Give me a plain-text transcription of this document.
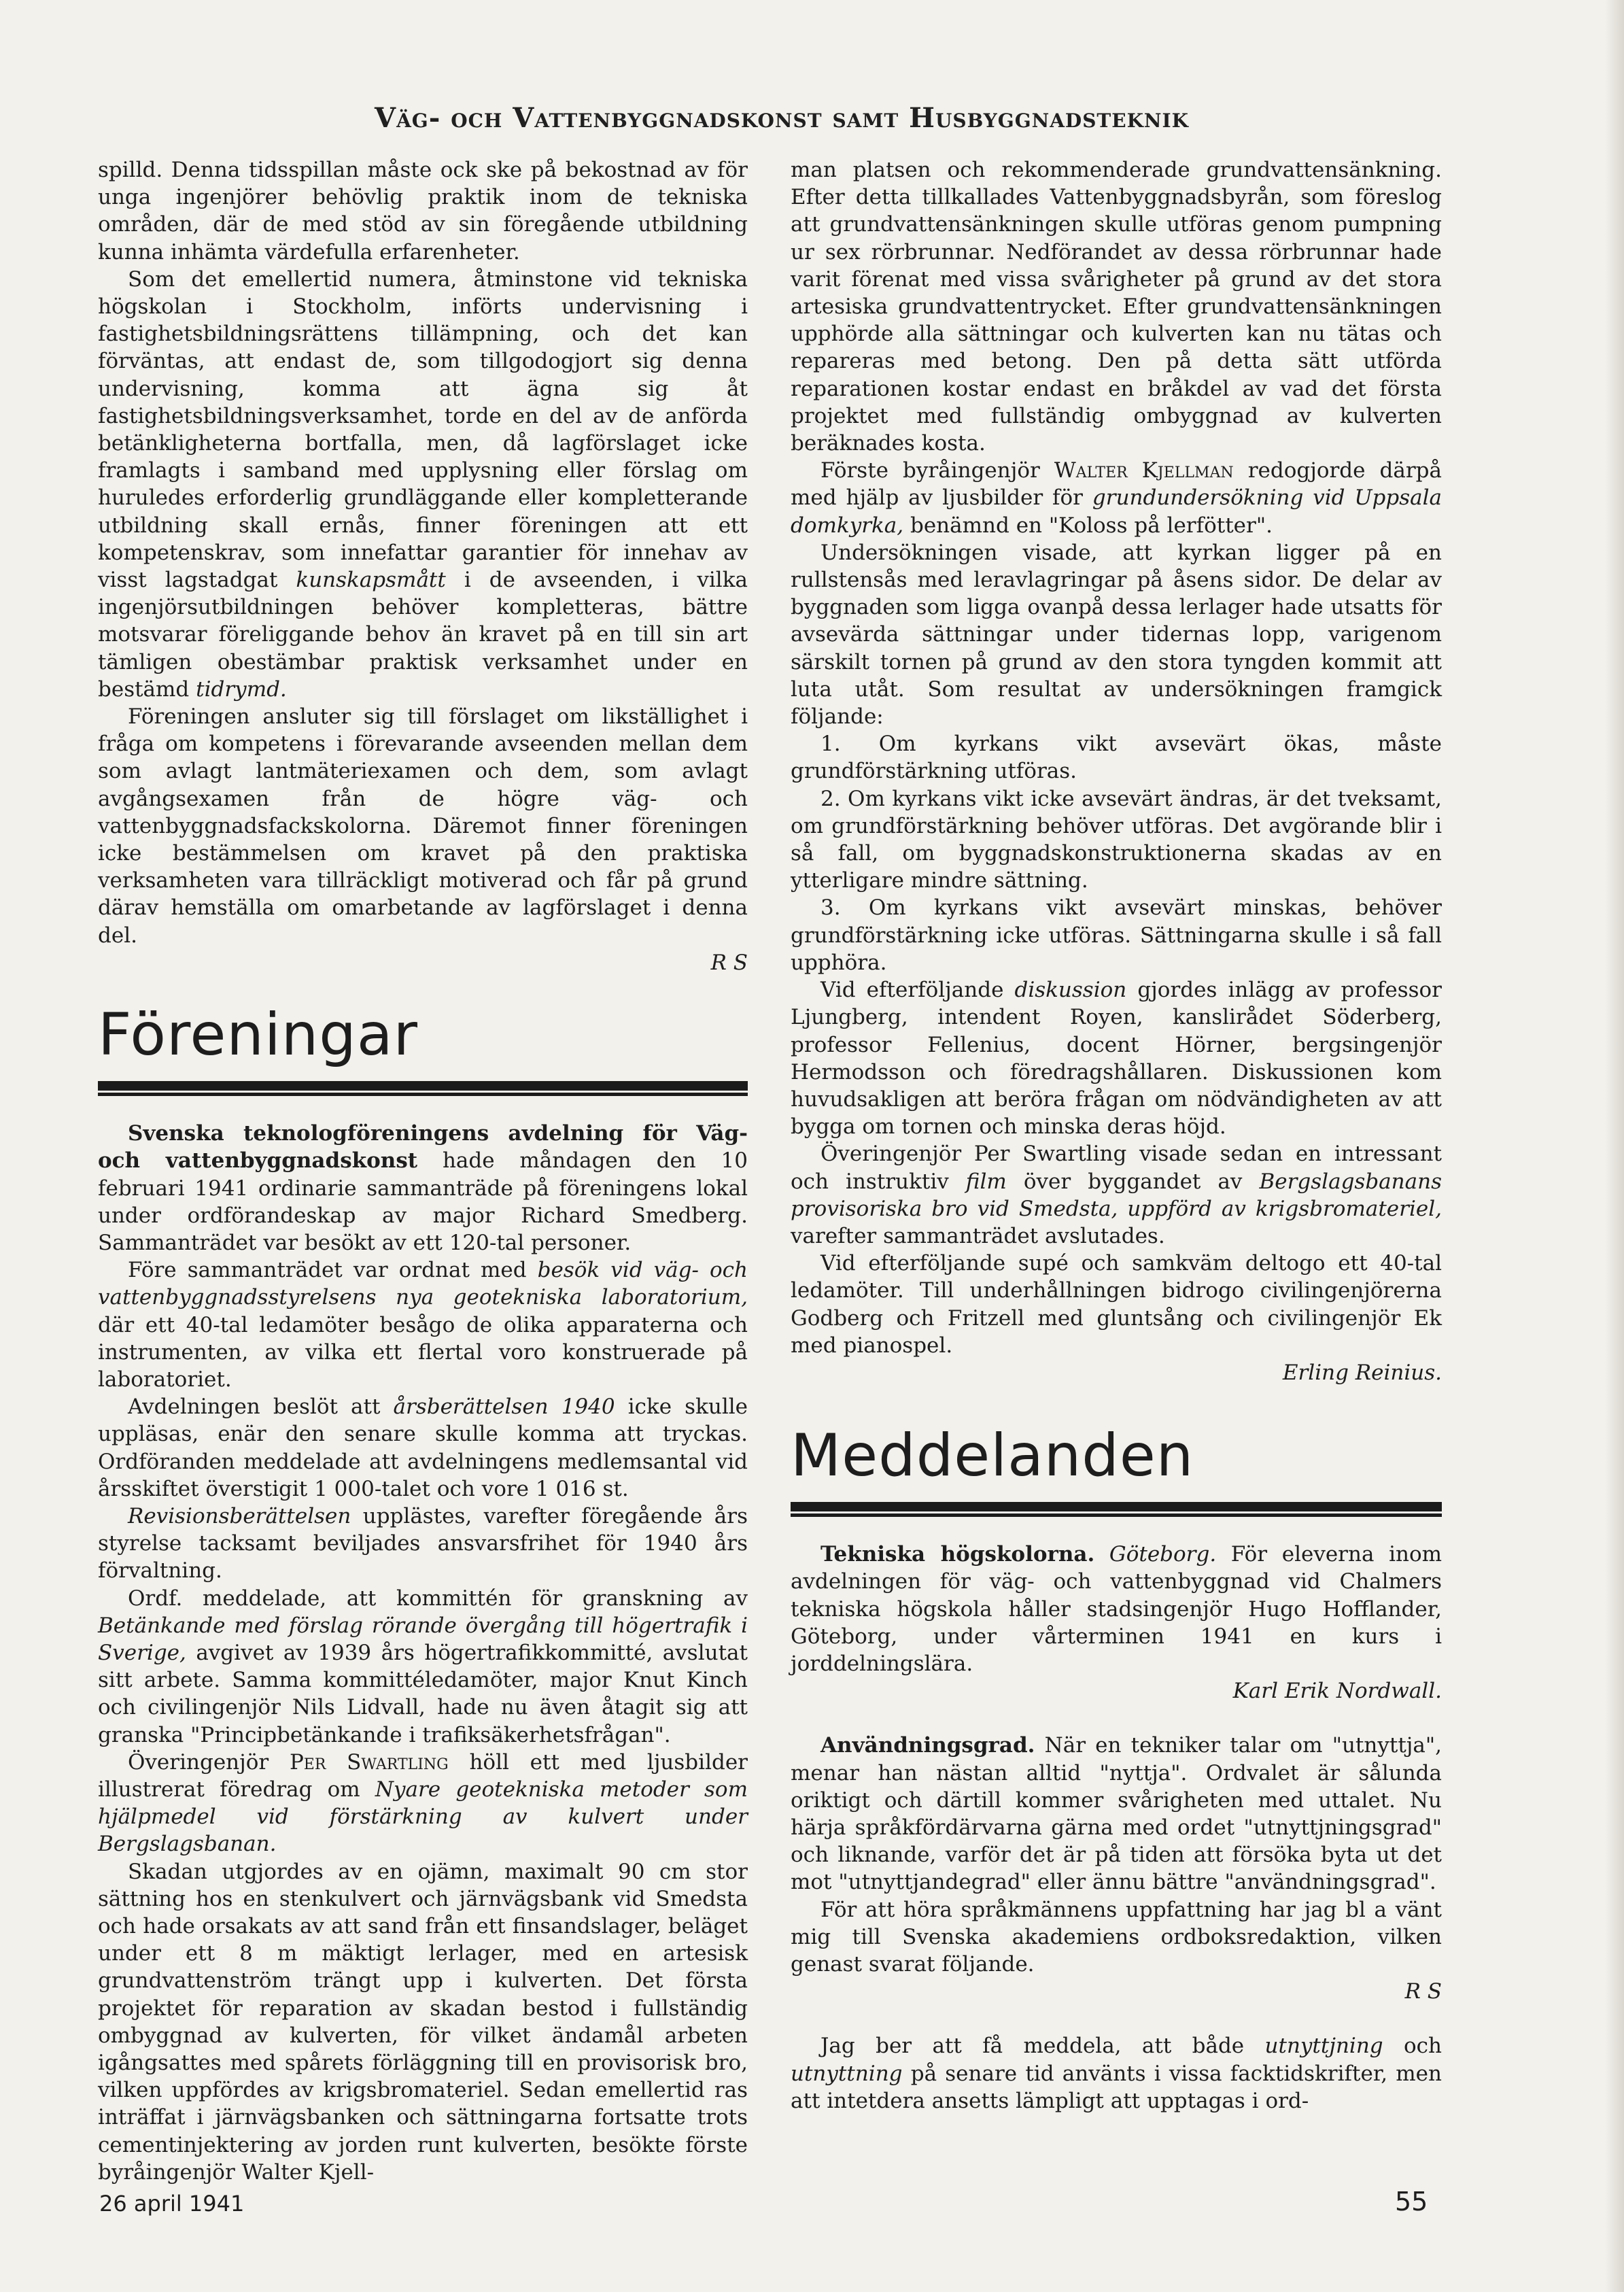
Väg- och Vattenbyggnadskonst samt Husbyggnadsteknik

spilld. Denna tidsspillan måste ock ske på bekostnad av för unga ingenjörer behövlig praktik inom de tekniska områden, där de med stöd av sin föregående utbildning kunna inhämta värdefulla erfarenheter.

Som det emellertid numera, åtminstone vid tekniska högskolan i Stockholm, införts undervisning i fastighetsbildningsrättens tillämpning, och det kan förväntas, att endast de, som tillgodogjort sig denna undervisning, komma att ägna sig åt fastighetsbildningsverksamhet, torde en del av de anförda betänkligheterna bortfalla, men, då lagförslaget icke framlagts i samband med upplysning eller förslag om huruledes erforderlig grundläggande eller kompletterande utbildning skall ernås, finner föreningen att ett kompetenskrav, som innefattar garantier för innehav av visst lagstadgat kunskapsmått i de avseenden, i vilka ingenjörsutbildningen behöver kompletteras, bättre motsvarar föreliggande behov än kravet på en till sin art tämligen obestämbar praktisk verksamhet under en bestämd tidrymd.

Föreningen ansluter sig till förslaget om likställighet i fråga om kompetens i förevarande avseenden mellan dem som avlagt lantmäteriexamen och dem, som avlagt avgångsexamen från de högre väg- och vattenbyggnadsfackskolorna. Däremot finner föreningen icke bestämmelsen om kravet på den praktiska verksamheten vara tillräckligt motiverad och får på grund därav hemställa om omarbetande av lagförslaget i denna del.

R S

Föreningar

Svenska teknologföreningens avdelning för Väg- och vattenbyggnadskonst hade måndagen den 10 februari 1941 ordinarie sammanträde på föreningens lokal under ordförandeskap av major Richard Smedberg. Sammanträdet var besökt av ett 120-tal personer.

Före sammanträdet var ordnat med besök vid väg- och vattenbyggnadsstyrelsens nya geotekniska laboratorium, där ett 40-tal ledamöter besågo de olika apparaterna och instrumenten, av vilka ett flertal voro konstruerade på laboratoriet.

Avdelningen beslöt att årsberättelsen 1940 icke skulle uppläsas, enär den senare skulle komma att tryckas. Ordföranden meddelade att avdelningens medlemsantal vid årsskiftet överstigit 1 000-talet och vore 1 016 st.

Revisionsberättelsen upplästes, varefter föregående års styrelse tacksamt beviljades ansvarsfrihet för 1940 års förvaltning.

Ordf. meddelade, att kommittén för granskning av Betänkande med förslag rörande övergång till högertrafik i Sverige, avgivet av 1939 års högertrafikkommitté, avslutat sitt arbete. Samma kommittéledamöter, major Knut Kinch och civilingenjör Nils Lidvall, hade nu även åtagit sig att granska "Principbetänkande i trafiksäkerhetsfrågan".

Överingenjör Per Swartling höll ett med ljusbilder illustrerat föredrag om Nyare geotekniska metoder som hjälpmedel vid förstärkning av kulvert under Bergslagsbanan.

Skadan utgjordes av en ojämn, maximalt 90 cm stor sättning hos en stenkulvert och järnvägsbank vid Smedsta och hade orsakats av att sand från ett finsandslager, beläget under ett 8 m mäktigt lerlager, med en artesisk grundvattenström trängt upp i kulverten. Det första projektet för reparation av skadan bestod i fullständig ombyggnad av kulverten, för vilket ändamål arbeten igångsattes med spårets förläggning till en provisorisk bro, vilken uppfördes av krigsbromateriel. Sedan emellertid ras inträffat i järnvägsbanken och sättningarna fortsatte trots cementinjektering av jorden runt kulverten, besökte förste byråingenjör Walter Kjell-

man platsen och rekommenderade grundvattensänkning. Efter detta tillkallades Vattenbyggnadsbyrån, som föreslog att grundvattensänkningen skulle utföras genom pumpning ur sex rörbrunnar. Nedförandet av dessa rörbrunnar hade varit förenat med vissa svårigheter på grund av det stora artesiska grundvattentrycket. Efter grundvattensänkningen upphörde alla sättningar och kulverten kan nu tätas och repareras med betong. Den på detta sätt utförda reparationen kostar endast en bråkdel av vad det första projektet med fullständig ombyggnad av kulverten beräknades kosta.

Förste byråingenjör Walter Kjellman redogjorde därpå med hjälp av ljusbilder för grundundersökning vid Uppsala domkyrka, benämnd en "Koloss på lerfötter".

Undersökningen visade, att kyrkan ligger på en rullstensås med leravlagringar på åsens sidor. De delar av byggnaden som ligga ovanpå dessa lerlager hade utsatts för avsevärda sättningar under tidernas lopp, varigenom särskilt tornen på grund av den stora tyngden kommit att luta utåt. Som resultat av undersökningen framgick följande:

1. Om kyrkans vikt avsevärt ökas, måste grundförstärkning utföras.

2. Om kyrkans vikt icke avsevärt ändras, är det tveksamt, om grundförstärkning behöver utföras. Det avgörande blir i så fall, om byggnadskonstruktionerna skadas av en ytterligare mindre sättning.

3. Om kyrkans vikt avsevärt minskas, behöver grundförstärkning icke utföras. Sättningarna skulle i så fall upphöra.

Vid efterföljande diskussion gjordes inlägg av professor Ljungberg, intendent Royen, kanslirådet Söderberg, professor Fellenius, docent Hörner, bergsingenjör Hermodsson och föredragshållaren. Diskussionen kom huvudsakligen att beröra frågan om nödvändigheten av att bygga om tornen och minska deras höjd.

Överingenjör Per Swartling visade sedan en intressant och instruktiv film över byggandet av Bergslagsbanans provisoriska bro vid Smedsta, uppförd av krigsbromateriel, varefter sammanträdet avslutades.

Vid efterföljande supé och samkväm deltogo ett 40-tal ledamöter. Till underhållningen bidrogo civilingenjörerna Godberg och Fritzell med gluntsång och civilingenjör Ek med pianospel.

Erling Reinius.

Meddelanden

Tekniska högskolorna. Göteborg. För eleverna inom avdelningen för väg- och vattenbyggnad vid Chalmers tekniska högskola håller stadsingenjör Hugo Hofflander, Göteborg, under vårterminen 1941 en kurs i jorddelningslära.

Karl Erik Nordwall.

Användningsgrad. När en tekniker talar om "utnyttja", menar han nästan alltid "nyttja". Ordvalet är sålunda oriktigt och därtill kommer svårigheten med uttalet. Nu härja språkfördärvarna gärna med ordet "utnyttjningsgrad" och liknande, varför det är på tiden att försöka byta ut det mot "utnyttjandegrad" eller ännu bättre "användningsgrad".

För att höra språkmännens uppfattning har jag bl a vänt mig till Svenska akademiens ordboksredaktion, vilken genast svarat följande.

R S

Jag ber att få meddela, att både utnyttjning och utnyttning på senare tid använts i vissa facktidskrifter, men att intetdera ansetts lämpligt att upptagas i ord-

26 april 1941	55
